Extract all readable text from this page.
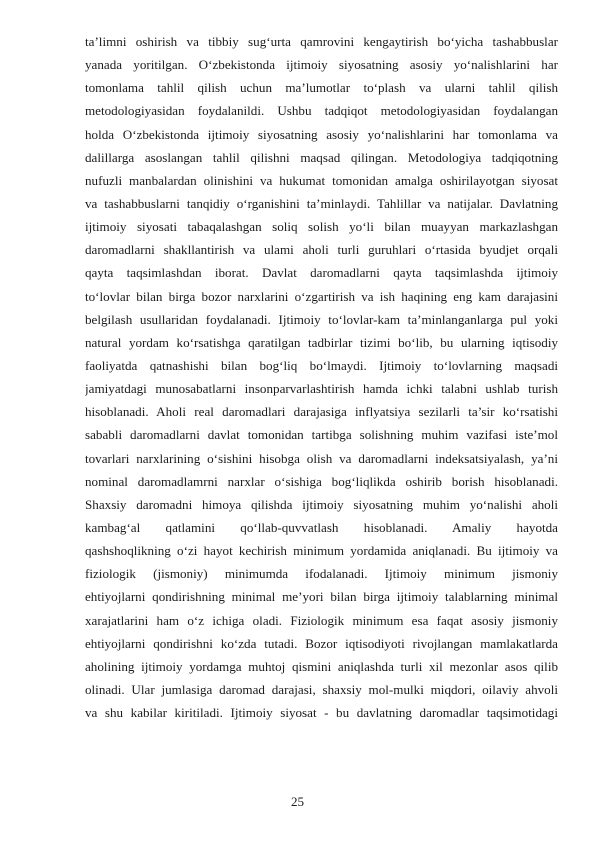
ta’limni oshirish va tibbiy sug‘urta qamrovini kengaytirish bo‘yicha tashabbuslar
yanada yoritilgan. O‘zbekistonda ijtimoiy siyosatning asosiy yo‘nalishlarini har
tomonlama tahlil qilish uchun ma’lumotlar to‘plash va ularni tahlil qilish
metodologiyasidan foydalanildi. Ushbu tadqiqot metodologiyasidan foydalangan
holda O‘zbekistonda ijtimoiy siyosatning asosiy yo‘nalishlarini har tomonlama va
dalillarga asoslangan tahlil qilishni maqsad qilingan. Metodologiya tadqiqotning
nufuzli manbalardan olinishini va hukumat tomonidan amalga oshirilayotgan siyosat
va tashabbuslarni tanqidiy o‘rganishini ta’minlaydi. Tahlillar va natijalar. Davlatning
ijtimoiy siyosati tabaqalashgan soliq solish yo‘li bilan muayyan markazlashgan
daromadlarni shakllantirish va ulami aholi turli guruhlari o‘rtasida byudjet orqali
qayta taqsimlashdan iborat. Davlat daromadlarni qayta taqsimlashda ijtimoiy
to‘lovlar bilan birga bozor narxlarini o‘zgartirish va ish haqining eng kam darajasini
belgilash usullaridan foydalanadi. Ijtimoiy to‘lovlar-kam ta’minlanganlarga pul yoki
natural yordam ko‘rsatishga qaratilgan tadbirlar tizimi bo‘lib, bu ularning iqtisodiy
faoliyatda qatnashishi bilan bog‘liq bo‘lmaydi. Ijtimoiy to‘lovlarning maqsadi
jamiyatdagi munosabatlarni insonparvarlashtirish hamda ichki talabni ushlab turish
hisoblanadi. Aholi real daromadlari darajasiga inflyatsiya sezilarli ta’sir ko‘rsatishi
sababli daromadlarni davlat tomonidan tartibga solishning muhim vazifasi iste’mol
tovarlari narxlarining o‘sishini hisobga olish va daromadlarni indeksatsiyalash, ya’ni
nominal daromadlamrni narxlar o‘sishiga bog‘liqlikda oshirib borish hisoblanadi.
Shaxsiy daromadni himoya qilishda ijtimoiy siyosatning muhim yo‘nalishi aholi
kambag‘al qatlamini qo‘llab-quvvatlash hisoblanadi. Amaliy hayotda
qashshoqlikning o‘zi hayot kechirish minimum yordamida aniqlanadi. Bu ijtimoiy va
fiziologik (jismoniy) minimumda ifodalanadi. Ijtimoiy minimum jismoniy
ehtiyojlarni qondirishning minimal me’yori bilan birga ijtimoiy talablarning minimal
xarajatlarini ham o‘z ichiga oladi. Fiziologik minimum esa faqat asosiy jismoniy
ehtiyojlarni qondirishni ko‘zda tutadi. Bozor iqtisodiyoti rivojlangan mamlakatlarda
aholining ijtimoiy yordamga muhtoj qismini aniqlashda turli xil mezonlar asos qilib
olinadi. Ular jumlasiga daromad darajasi, shaxsiy mol-mulki miqdori, oilaviy ahvoli
va shu kabilar kiritiladi. Ijtimoiy siyosat - bu davlatning daromadlar taqsimotidagi
25
